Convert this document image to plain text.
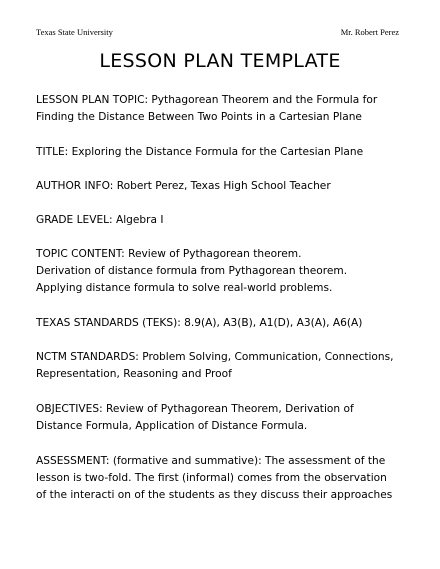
Texas State University	Mr. Robert Perez
LESSON PLAN TEMPLATE
LESSON PLAN TOPIC: Pythagorean Theorem and the Formula for
Finding the Distance Between Two Points in a Cartesian Plane
TITLE: Exploring the Distance Formula for the Cartesian Plane
AUTHOR INFO: Robert Perez, Texas High School Teacher
GRADE LEVEL: Algebra I
TOPIC CONTENT: Review of Pythagorean theorem.
Derivation of distance formula from Pythagorean theorem.
Applying distance formula to solve real-world problems.
TEXAS STANDARDS (TEKS): 8.9(A), A3(B), A1(D), A3(A), A6(A)
NCTM STANDARDS: Problem Solving, Communication, Connections,
Representation, Reasoning and Proof
OBJECTIVES: Review of Pythagorean Theorem, Derivation of
Distance Formula, Application of Distance Formula.
ASSESSMENT: (formative and summative): The assessment of the
lesson is two-fold. The first (informal) comes from the observation
of the interacti on of the students as they discuss their approaches
